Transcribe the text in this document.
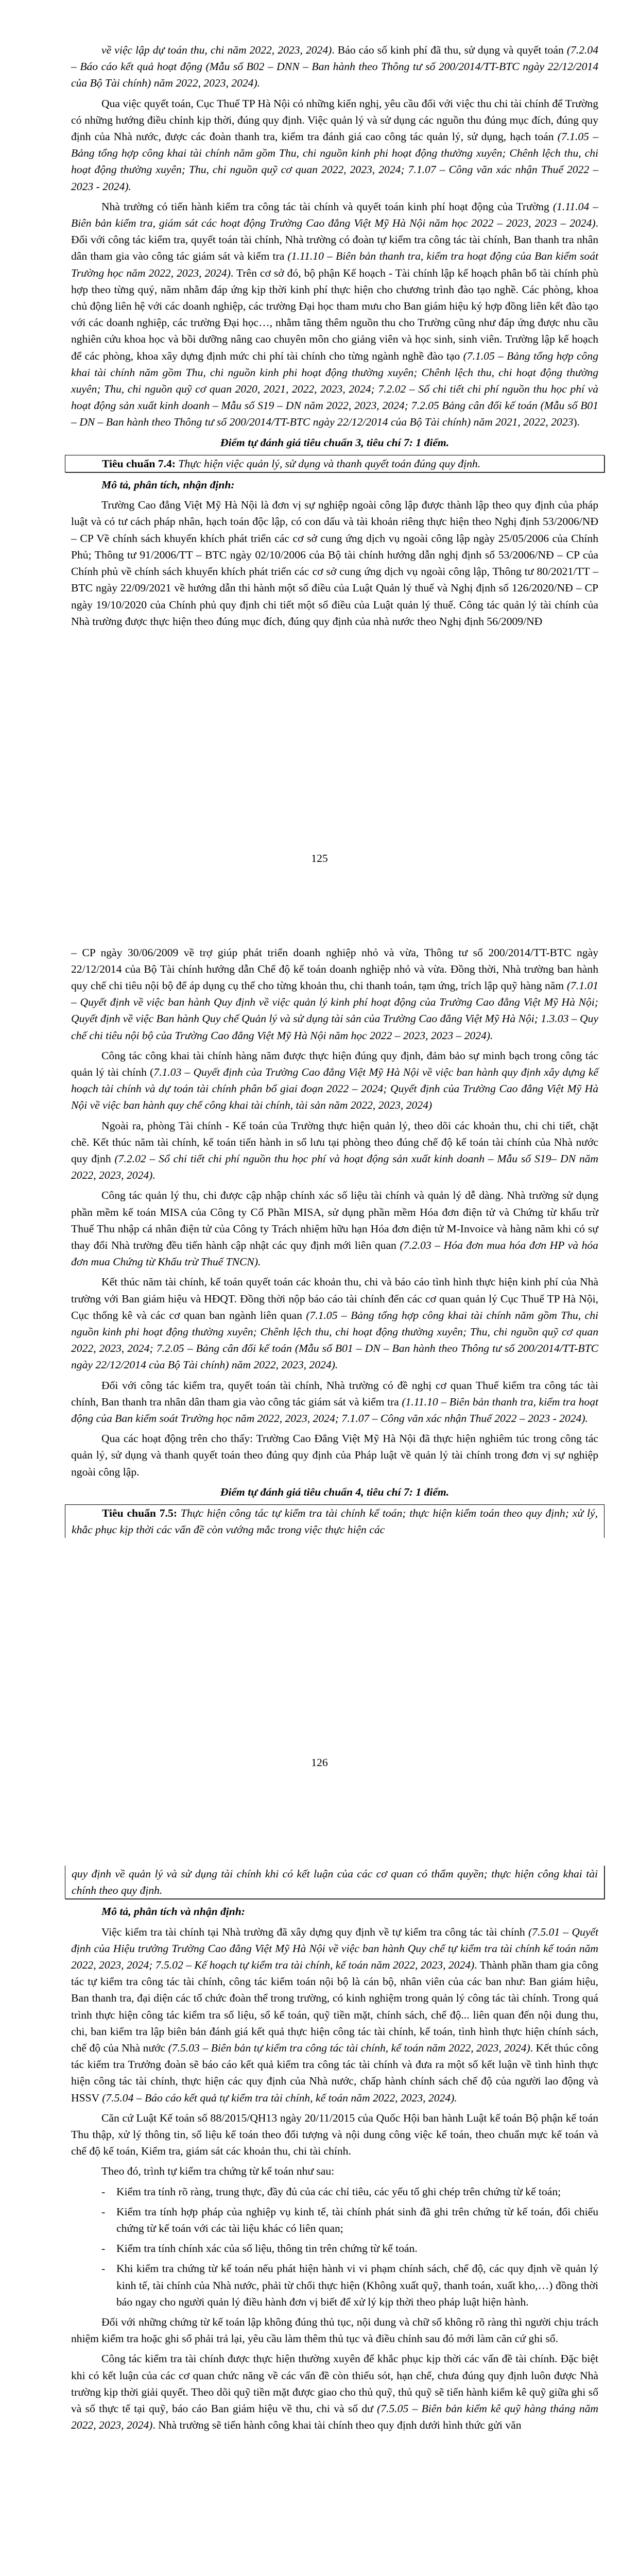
về việc lập dự toán thu, chi năm 2022, 2023, 2024). Báo cáo số kinh phí đã thu, sử dụng và quyết toán (7.2.04 – Báo cáo kết quả hoạt động (Mẫu số B02 – DNN – Ban hành theo Thông tư số 200/2014/TT-BTC ngày 22/12/2014 của Bộ Tài chính) năm 2022, 2023, 2024).

Qua việc quyết toán, Cục Thuế TP Hà Nội có những kiến nghị, yêu cầu đối với việc thu chi tài chính để Trường có những hướng điều chỉnh kịp thời, đúng quy định. Việc quản lý và sử dụng các nguồn thu đúng mục đích, đúng quy định của Nhà nước, được các đoàn thanh tra, kiểm tra đánh giá cao công tác quản lý, sử dụng, hạch toán (7.1.05 – Bảng tổng hợp công khai tài chính năm gồm Thu, chi nguồn kinh phi hoạt động thường xuyên; Chênh lệch thu, chi hoạt động thường xuyên; Thu, chi nguồn quỹ cơ quan 2022, 2023, 2024; 7.1.07 – Công văn xác nhận Thuế 2022 – 2023 - 2024).

Nhà trường có tiến hành kiểm tra công tác tài chính và quyết toán kinh phí hoạt động của Trường (1.11.04 – Biên bản kiểm tra, giám sát các hoạt động Trường Cao đẳng Việt Mỹ Hà Nội năm học 2022 – 2023, 2023 – 2024). Đối với công tác kiểm tra, quyết toán tài chính, Nhà trường có đoàn tự kiểm tra công tác tài chính, Ban thanh tra nhân dân tham gia vào công tác giám sát và kiểm tra (1.11.10 – Biên bản thanh tra, kiểm tra hoạt động của Ban kiểm soát Trường học năm 2022, 2023, 2024). Trên cơ sở đó, bộ phận Kế hoạch - Tài chính lập kế hoạch phân bổ tài chính phù hợp theo từng quý, năm nhằm đáp ứng kịp thời kinh phí thực hiện cho chương trình đào tạo nghề. Các phòng, khoa chủ động liên hệ với các doanh nghiệp, các trường Đại học tham mưu cho Ban giám hiệu ký hợp đồng liên kết đào tạo với các doanh nghiệp, các trường Đại học…, nhằm tăng thêm nguồn thu cho Trường cũng như đáp ứng được nhu cầu nghiên cứu khoa học và bồi dưỡng nâng cao chuyên môn cho giảng viên và học sinh, sinh viên. Trường lập kế hoạch để các phòng, khoa xây dựng định mức chi phí tài chính cho từng ngành nghề đào tạo (7.1.05 – Bảng tổng hợp công khai tài chính năm gồm Thu, chi nguồn kinh phi hoạt động thường xuyên; Chênh lệch thu, chi hoạt động thường xuyên; Thu, chi nguồn quỹ cơ quan 2020, 2021, 2022, 2023, 2024; 7.2.02 – Sổ chi tiết chi phí nguồn thu học phí và hoạt động sản xuất kinh doanh – Mẫu số S19 – DN năm 2022, 2023, 2024; 7.2.05 Bảng cân đối kế toán (Mẫu số B01 – DN – Ban hành theo Thông tư số 200/2014/TT-BTC ngày 22/12/2014 của Bộ Tài chính) năm 2021, 2022, 2023).

Điểm tự đánh giá tiêu chuẩn 3, tiêu chí 7: 1 điểm.

Tiêu chuẩn 7.4: Thực hiện việc quản lý, sử dụng và thanh quyết toán đúng quy định.

Mô tả, phân tích, nhận định:

Trường Cao đẳng Việt Mỹ Hà Nội là đơn vị sự nghiệp ngoài công lập được thành lập theo quy định của pháp luật và có tư cách pháp nhân, hạch toán độc lập, có con dấu và tài khoản riêng thực hiện theo Nghị định 53/2006/NĐ – CP Về chính sách khuyến khích phát triển các cơ sở cung ứng dịch vụ ngoài công lập ngày 25/05/2006 của Chính Phủ; Thông tư 91/2006/TT – BTC ngày 02/10/2006 của Bộ tài chính hướng dẫn nghị định số 53/2006/NĐ – CP của Chính phủ về chính sách khuyến khích phát triển các cơ sở cung ứng dịch vụ ngoài công lập, Thông tư 80/2021/TT – BTC ngày 22/09/2021 về hướng dẫn thi hành một số điều của Luật Quản lý thuế và Nghị định số 126/2020/NĐ – CP ngày 19/10/2020 của Chính phủ quy định chi tiết một số điều của Luật quản lý thuế. Công tác quản lý tài chính của Nhà trường được thực hiện theo đúng mục đích, đúng quy định của nhà nước theo Nghị định 56/2009/NĐ

125

– CP ngày 30/06/2009 về trợ giúp phát triển doanh nghiệp nhỏ và vừa, Thông tư số 200/2014/TT-BTC ngày 22/12/2014 của Bộ Tài chính hướng dẫn Chế độ kế toán doanh nghiệp nhỏ và vừa. Đồng thời, Nhà trường ban hành quy chế chi tiêu nội bộ để áp dụng cụ thể cho từng khoản thu, chi thanh toán, tạm ứng, trích lập quỹ hàng năm (7.1.01 – Quyết định về việc ban hành Quy định về việc quản lý kinh phí hoạt động của Trường Cao đẳng Việt Mỹ Hà Nội; Quyết định về việc Ban hành Quy chế Quản lý và sử dụng tài sản của Trường Cao đẳng Việt Mỹ Hà Nội; 1.3.03 – Quy chế chi tiêu nội bộ của Trường Cao đẳng Việt Mỹ Hà Nội năm học 2022 – 2023, 2023 – 2024).

Công tác công khai tài chính hàng năm được thực hiện đúng quy định, đảm bảo sự minh bạch trong công tác quản lý tài chính (7.1.03 – Quyết định của Trường Cao đẳng Việt Mỹ Hà Nội về việc ban hành quy định xây dựng kế hoạch tài chính và dự toán tài chính phân bổ giai đoạn 2022 – 2024; Quyết định của Trường Cao đẳng Việt Mỹ Hà Nội về việc ban hành quy chế công khai tài chính, tài sản năm 2022, 2023, 2024)

Ngoài ra, phòng Tài chính - Kế toán của Trường thực hiện quản lý, theo dõi các khoản thu, chi chi tiết, chặt chẽ. Kết thúc năm tài chính, kế toán tiến hành in sổ lưu tại phòng theo đúng chế độ kế toán tài chính của Nhà nước quy định (7.2.02 – Sổ chi tiết chi phí nguồn thu học phí và hoạt động sản xuất kinh doanh – Mẫu số S19– DN năm 2022, 2023, 2024).

Công tác quản lý thu, chi được cập nhập chính xác số liệu tài chính và quản lý dễ dàng. Nhà trường sử dụng phần mềm kế toán MISA của Công ty Cổ Phần MISA, sử dụng phần mềm Hóa đơn điện tử và Chứng từ khấu trừ Thuế Thu nhập cá nhân điện tử của Công ty Trách nhiệm hữu hạn Hóa đơn điện tử M-Invoice và hàng năm khi có sự thay đổi Nhà trường đều tiến hành cập nhật các quy định mới liên quan (7.2.03 – Hóa đơn mua hóa đơn HP và hóa đơn mua Chứng từ Khấu trừ Thuế TNCN).

Kết thúc năm tài chính, kế toán quyết toán các khoản thu, chi và báo cáo tình hình thực hiện kinh phí của Nhà trường với Ban giám hiệu và HĐQT. Đồng thời nộp báo cáo tài chính đến các cơ quan quản lý Cục Thuế TP Hà Nội, Cục thống kê và các cơ quan ban ngành liên quan (7.1.05 – Bảng tổng hợp công khai tài chính năm gồm Thu, chi nguồn kinh phi hoạt động thường xuyên; Chênh lệch thu, chi hoạt động thường xuyên; Thu, chi nguồn quỹ cơ quan 2022, 2023, 2024; 7.2.05 – Bảng cân đối kế toán (Mẫu số B01 – DN – Ban hành theo Thông tư số 200/2014/TT-BTC ngày 22/12/2014 của Bộ Tài chính) năm 2022, 2023, 2024).

Đối với công tác kiểm tra, quyết toán tài chính, Nhà trường có đề nghị cơ quan Thuế kiểm tra công tác tài chính, Ban thanh tra nhân dân tham gia vào công tác giám sát và kiểm tra (1.11.10 – Biên bản thanh tra, kiểm tra hoạt động của Ban kiểm soát Trường học năm 2022, 2023, 2024; 7.1.07 – Công văn xác nhận Thuế 2022 – 2023 - 2024).

Qua các hoạt động trên cho thấy: Trường Cao Đẳng Việt Mỹ Hà Nội đã thực hiện nghiêm túc trong công tác quản lý, sử dụng và thanh quyết toán theo đúng quy định của Pháp luật về quản lý tài chính trong đơn vị sự nghiệp ngoài công lập.

Điểm tự đánh giá tiêu chuẩn 4, tiêu chí 7: 1 điểm.

Tiêu chuẩn 7.5: Thực hiện công tác tự kiểm tra tài chính kế toán; thực hiện kiểm toán theo quy định; xử lý, khắc phục kịp thời các vấn đề còn vướng mắc trong việc thực hiện các

126

quy định về quản lý và sử dụng tài chính khi có kết luận của các cơ quan có thẩm quyền; thực hiện công khai tài chính theo quy định.

Mô tả, phân tích và nhận định:

Việc kiểm tra tài chính tại Nhà trường đã xây dựng quy định về tự kiểm tra công tác tài chính (7.5.01 – Quyết định của Hiệu trưởng Trường Cao đẳng Việt Mỹ Hà Nội về việc ban hành Quy chế tự kiểm tra tài chính kế toán năm 2022, 2023, 2024; 7.5.02 – Kế hoạch tự kiểm tra tài chính, kế toán năm 2022, 2023, 2024). Thành phần tham gia công tác tự kiểm tra công tác tài chính, công tác kiểm toán nội bộ là cán bộ, nhân viên của các ban như: Ban giám hiệu, Ban thanh tra, đại diện các tổ chức đoàn thể trong trường, có kinh nghiệm trong quản lý công tác tài chính. Trong quá trình thực hiện công tác kiểm tra số liệu, sổ kế toán, quỹ tiền mặt, chính sách, chế độ... liên quan đến nội dung thu, chi, ban kiểm tra lập biên bản đánh giá kết quả thực hiện công tác tài chính, kế toán, tình hình thực hiện chính sách, chế độ của Nhà nước (7.5.03 – Biên bản tự kiểm tra công tác tài chính, kế toán năm 2022, 2023, 2024). Kết thúc công tác kiểm tra Trưởng đoàn sẽ báo cáo kết quả kiểm tra công tác tài chính và đưa ra một số kết luận về tình hình thực hiện công tác tài chính, thực hiện các quy định của Nhà nước, chấp hành chính sách chế độ của người lao động và HSSV (7.5.04 – Báo cáo kết quả tự kiểm tra tài chính, kế toán năm 2022, 2023, 2024).

Căn cứ Luật Kế toán số 88/2015/QH13 ngày 20/11/2015 của Quốc Hội ban hành Luật kế toán Bộ phận kế toán Thu thập, xử lý thông tin, số liệu kế toán theo đối tượng và nội dung công việc kế toán, theo chuẩn mực kế toán và chế độ kế toán, Kiểm tra, giám sát các khoản thu, chi tài chính.

Theo đó, trình tự kiểm tra chứng từ kế toán như sau:

- Kiểm tra tính rõ ràng, trung thực, đầy đủ của các chỉ tiêu, các yếu tố ghi chép trên chứng từ kế toán;

- Kiểm tra tính hợp pháp của nghiệp vụ kinh tế, tài chính phát sinh đã ghi trên chứng từ kế toán, đối chiếu chứng từ kế toán với các tài liệu khác có liên quan;

- Kiểm tra tính chính xác của số liệu, thông tin trên chứng từ kế toán.

- Khi kiểm tra chứng từ kế toán nếu phát hiện hành vi vi phạm chính sách, chế độ, các quy định về quản lý kinh tế, tài chính của Nhà nước, phải từ chối thực hiện (Không xuất quỹ, thanh toán, xuất kho,…) đồng thời báo ngay cho người quản lý điều hành đơn vị biết để xử lý kịp thời theo pháp luật hiện hành.

Đối với những chứng từ kế toán lập không đúng thủ tục, nội dung và chữ số không rõ ràng thì người chịu trách nhiệm kiểm tra hoặc ghi sổ phải trả lại, yêu cầu làm thêm thủ tục và điều chỉnh sau đó mới làm căn cứ ghi sổ.

Công tác kiểm tra tài chính được thực hiện thường xuyên để khắc phục kịp thời các vấn đề tài chính. Đặc biệt khi có kết luận của các cơ quan chức năng về các vấn đề còn thiếu sót, hạn chế, chưa đúng quy định luôn được Nhà trường kịp thời giải quyết. Theo dõi quỹ tiền mặt được giao cho thủ quỹ, thủ quỹ sẽ tiến hành kiểm kê quỹ giữa ghi sổ và số thực tế tại quỹ, báo cáo Ban giám hiệu về thu, chi và số dư (7.5.05 – Biên bản kiểm kê quỹ hàng tháng năm 2022, 2023, 2024). Nhà trường sẽ tiến hành công khai tài chính theo quy định dưới hình thức gửi văn
